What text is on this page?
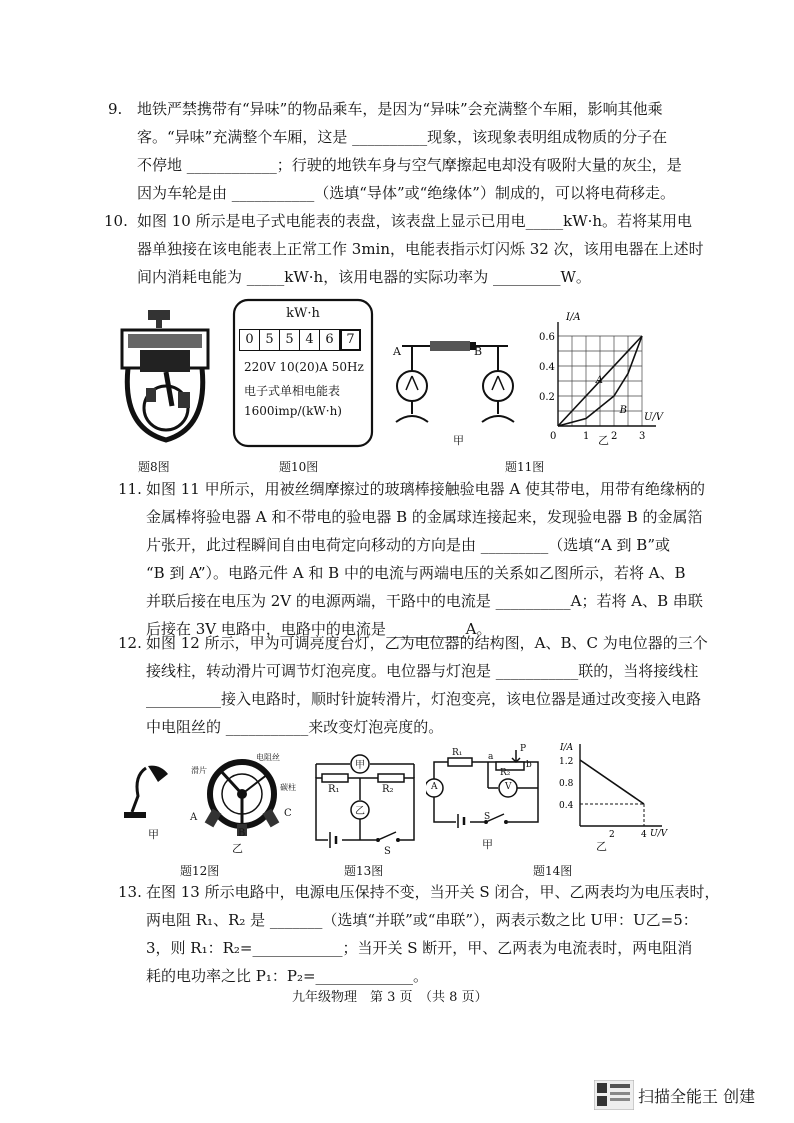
9. 地铁严禁携带有“异味”的物品乘车，是因为“异味”会充满整个车厢，影响其他乘
客。“异味”充满整个车厢，这是 __________现象，该现象表明组成物质的分子在
不停地 ____________；行驶的地铁车身与空气摩擦起电却没有吸附大量的灰尘，是
因为车轮是由 ___________（选填“导体”或“绝缘体”）制成的，可以将电荷移走。
10. 如图 10 所示是电子式电能表的表盘，该表盘上显示已用电_____kW·h。若将某用电
器单独接在该电能表上正常工作 3min，电能表指示灯闪烁 32 次，该用电器在上述时
间内消耗电能为 _____kW·h，该用电器的实际功率为 _________W。
题8图
kW·h
0 5 5 4 6 7
220V 10(20)A 50Hz
电子式单相电能表
1600imp/(kW·h)
题10图
A	B
甲
I/A
U/V
0.6
0.4
0.2
0	1 2 3
A
B
乙
题11图
11. 如图 11 甲所示，用被丝绸摩擦过的玻璃棒接触验电器 A 使其带电，用带有绝缘柄的
金属棒将验电器 A 和不带电的验电器 B 的金属球连接起来，发现验电器 B 的金属箔
片张开，此过程瞬间自由电荷定向移动的方向是由 _________（选填“A 到 B”或
“B 到 A”）。电路元件 A 和 B 中的电流与两端电压的关系如乙图所示，若将 A、B
并联后接在电压为 2V 的电源两端，干路中的电流是 __________A；若将 A、B 串联
后接在 3V 电路中，电路中的电流是 __________A。
12. 如图 12 所示，甲为可调亮度台灯，乙为电位器的结构图，A、B、C 为电位器的三个
接线柱，转动滑片可调节灯泡亮度。电位器与灯泡是 ___________联的，当将接线柱
__________接入电路时，顺时针旋转滑片，灯泡变亮，该电位器是通过改变接入电路
中电阻丝的 ___________来改变灯泡亮度的。
甲
滑片
电阻丝
碳柱
A
B
C
乙
题12图
甲
乙
R₁	R₂
S
题13图
R₁
R₂
P
a
b
A	V
S
甲
I/A
U/V
1.2
0.8
0.4
2	4
乙
题14图
13. 在图 13 所示电路中，电源电压保持不变，当开关 S 闭合，甲、乙两表均为电压表时，
两电阻 R₁、R₂ 是 _______（选填“并联”或“串联”），两表示数之比 U甲：U乙=5：
3，则 R₁：R₂=____________；当开关 S 断开，甲、乙两表为电流表时，两电阻消
耗的电功率之比 P₁：P₂=_____________。
九年级物理　第 3 页　（共 8 页）
扫描全能王 创建
